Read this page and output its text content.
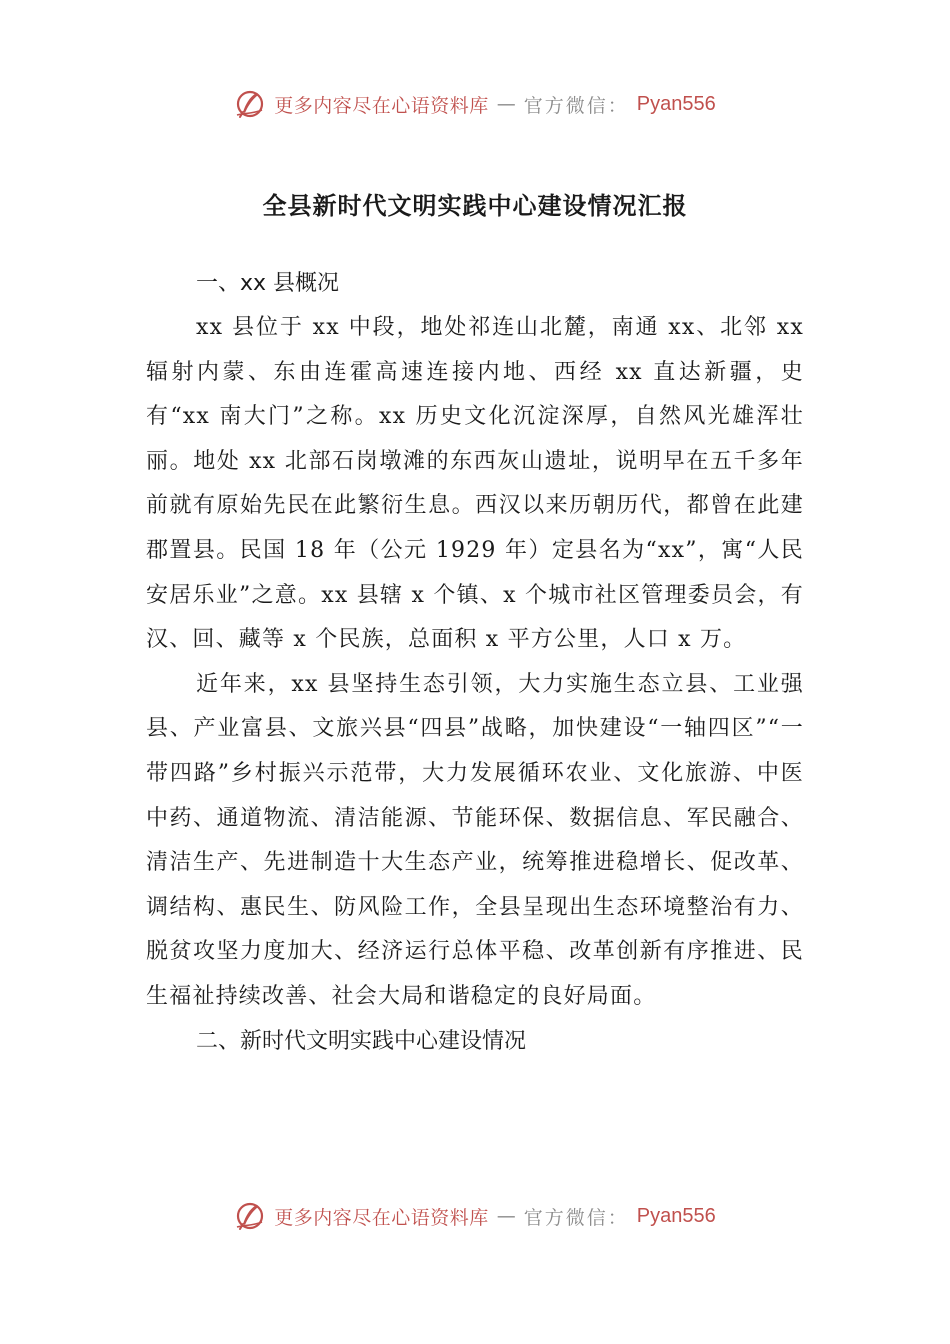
更多内容尽在心语资料库 — 官方微信： Pyan556
全县新时代文明实践中心建设情况汇报

一、xx 县概况

xx 县位于 xx 中段，地处祁连山北麓，南通 xx、北邻 xx 辐射内蒙、东由连霍高速连接内地、西经 xx 直达新疆，史有“xx 南大门”之称。xx 历史文化沉淀深厚，自然风光雄浑壮丽。地处 xx 北部石岗墩滩的东西灰山遗址，说明早在五千多年前就有原始先民在此繁衍生息。西汉以来历朝历代，都曾在此建郡置县。民国 18 年（公元 1929 年）定县名为“xx”，寓“人民安居乐业”之意。xx 县辖 x 个镇、x 个城市社区管理委员会，有汉、回、藏等 x 个民族，总面积 x 平方公里，人口 x 万。

近年来，xx 县坚持生态引领，大力实施生态立县、工业强县、产业富县、文旅兴县“四县”战略，加快建设“一轴四区”“一带四路”乡村振兴示范带，大力发展循环农业、文化旅游、中医中药、通道物流、清洁能源、节能环保、数据信息、军民融合、清洁生产、先进制造十大生态产业，统筹推进稳增长、促改革、调结构、惠民生、防风险工作，全县呈现出生态环境整治有力、脱贫攻坚力度加大、经济运行总体平稳、改革创新有序推进、民生福祉持续改善、社会大局和谐稳定的良好局面。

二、新时代文明实践中心建设情况

更多内容尽在心语资料库 — 官方微信： Pyan556
